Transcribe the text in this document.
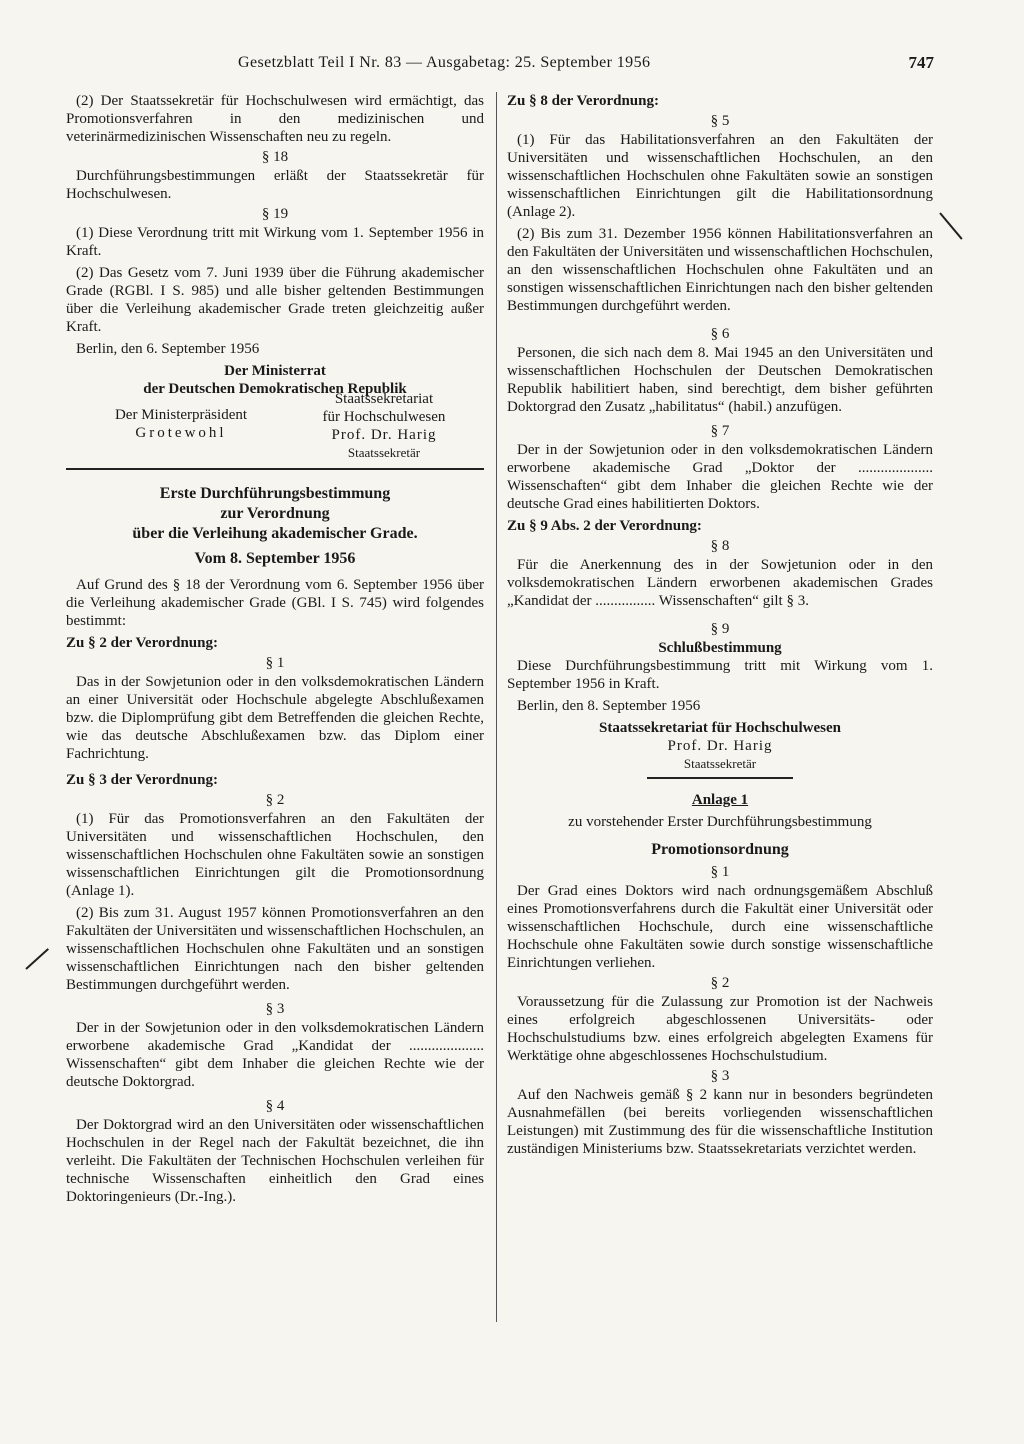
Gesetzblatt Teil I Nr. 83 — Ausgabetag: 25. September 1956	747

(2) Der Staatssekretär für Hochschulwesen wird ermächtigt, das Promotionsverfahren in den medizinischen und veterinärmedizinischen Wissenschaften neu zu regeln.

§ 18

Durchführungsbestimmungen erläßt der Staatssekretär für Hochschulwesen.

§ 19

(1) Diese Verordnung tritt mit Wirkung vom 1. September 1956 in Kraft.

(2) Das Gesetz vom 7. Juni 1939 über die Führung akademischer Grade (RGBl. I S. 985) und alle bisher geltenden Bestimmungen über die Verleihung akademischer Grade treten gleichzeitig außer Kraft.

Berlin, den 6. September 1956

Der Ministerrat
der Deutschen Demokratischen Republik
Der Ministerpräsident
Grotewohl
Staatssekretariat
für Hochschulwesen
Prof. Dr. Harig
Staatssekretär
Erste Durchführungsbestimmung
zur Verordnung
über die Verleihung akademischer Grade.
Vom 8. September 1956

Auf Grund des § 18 der Verordnung vom 6. September 1956 über die Verleihung akademischer Grade (GBl. I S. 745) wird folgendes bestimmt:

Zu § 2 der Verordnung:
§ 1

Das in der Sowjetunion oder in den volksdemokratischen Ländern an einer Universität oder Hochschule abgelegte Abschlußexamen bzw. die Diplomprüfung gibt dem Betreffenden die gleichen Rechte, wie das deutsche Abschlußexamen bzw. das Diplom einer Fachrichtung.

Zu § 3 der Verordnung:
§ 2

(1) Für das Promotionsverfahren an den Fakultäten der Universitäten und wissenschaftlichen Hochschulen, den wissenschaftlichen Hochschulen ohne Fakultäten sowie an sonstigen wissenschaftlichen Einrichtungen gilt die Promotionsordnung (Anlage 1).

(2) Bis zum 31. August 1957 können Promotionsverfahren an den Fakultäten der Universitäten und wissenschaftlichen Hochschulen, an wissenschaftlichen Hochschulen ohne Fakultäten und an sonstigen wissenschaftlichen Einrichtungen nach den bisher geltenden Bestimmungen durchgeführt werden.

§ 3

Der in der Sowjetunion oder in den volksdemokratischen Ländern erworbene akademische Grad „Kandidat der .................... Wissenschaften“ gibt dem Inhaber die gleichen Rechte wie der deutsche Doktorgrad.

§ 4

Der Doktorgrad wird an den Universitäten oder wissenschaftlichen Hochschulen in der Regel nach der Fakultät bezeichnet, die ihn verleiht. Die Fakultäten der Technischen Hochschulen verleihen für technische Wissenschaften einheitlich den Grad eines Doktoringenieurs (Dr.-Ing.).

Zu § 8 der Verordnung:
§ 5

(1) Für das Habilitationsverfahren an den Fakultäten der Universitäten und wissenschaftlichen Hochschulen, an den wissenschaftlichen Hochschulen ohne Fakultäten sowie an sonstigen wissenschaftlichen Einrichtungen gilt die Habilitationsordnung (Anlage 2).

(2) Bis zum 31. Dezember 1956 können Habilitationsverfahren an den Fakultäten der Universitäten und wissenschaftlichen Hochschulen, an den wissenschaftlichen Hochschulen ohne Fakultäten und an sonstigen wissenschaftlichen Einrichtungen nach den bisher geltenden Bestimmungen durchgeführt werden.

§ 6

Personen, die sich nach dem 8. Mai 1945 an den Universitäten und wissenschaftlichen Hochschulen der Deutschen Demokratischen Republik habilitiert haben, sind berechtigt, dem bisher geführten Doktorgrad den Zusatz „habilitatus“ (habil.) anzufügen.

§ 7

Der in der Sowjetunion oder in den volksdemokratischen Ländern erworbene akademische Grad „Doktor der .................... Wissenschaften“ gibt dem Inhaber die gleichen Rechte wie der deutsche Grad eines habilitierten Doktors.

Zu § 9 Abs. 2 der Verordnung:
§ 8

Für die Anerkennung des in der Sowjetunion oder in den volksdemokratischen Ländern erworbenen akademischen Grades „Kandidat der ................ Wissenschaften“ gilt § 3.

§ 9
Schlußbestimmung

Diese Durchführungsbestimmung tritt mit Wirkung vom 1. September 1956 in Kraft.

Berlin, den 8. September 1956

Staatssekretariat für Hochschulwesen
Prof. Dr. Harig
Staatssekretär
Anlage 1
zu vorstehender Erster Durchführungsbestimmung
Promotionsordnung
§ 1

Der Grad eines Doktors wird nach ordnungsgemäßem Abschluß eines Promotionsverfahrens durch die Fakultät einer Universität oder wissenschaftlichen Hochschule, durch eine wissenschaftliche Hochschule ohne Fakultäten sowie durch sonstige wissenschaftliche Einrichtungen verliehen.

§ 2

Voraussetzung für die Zulassung zur Promotion ist der Nachweis eines erfolgreich abgeschlossenen Universitäts- oder Hochschulstudiums bzw. eines erfolgreich abgelegten Examens für Werktätige ohne abgeschlossenes Hochschulstudium.

§ 3

Auf den Nachweis gemäß § 2 kann nur in besonders begründeten Ausnahmefällen (bei bereits vorliegenden wissenschaftlichen Leistungen) mit Zustimmung des für die wissenschaftliche Institution zuständigen Ministeriums bzw. Staatssekretariats verzichtet werden.
